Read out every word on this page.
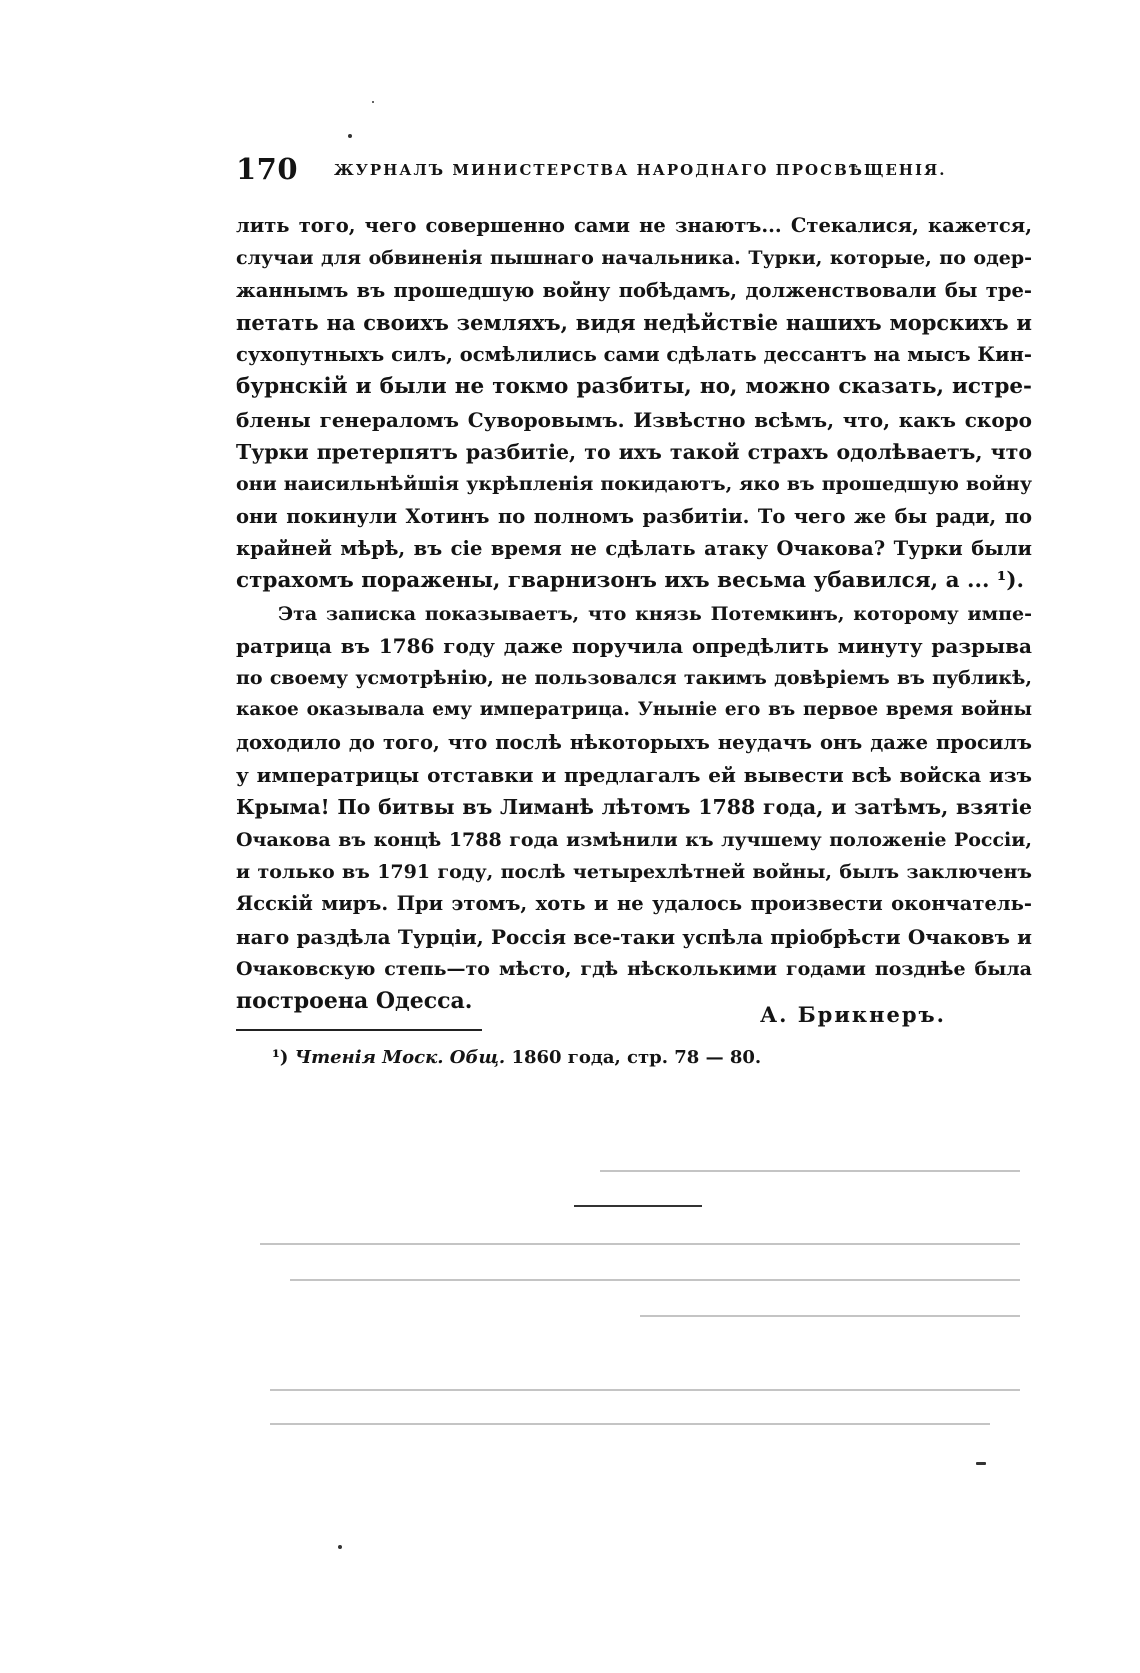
170 ЖУРНАЛЪ МИНИСТЕРСТВА НАРОДНАГО ПРОСВѢЩЕНІЯ.
лить того, чего совершенно сами не знаютъ... Стекалися, кажется,
случаи для обвиненія пышнаго начальника. Турки, которые, по одер-
жаннымъ въ прошедшую войну побѣдамъ, долженствовали бы тре-
петать на своихъ земляхъ, видя недѣйствіе нашихъ морскихъ и
сухопутныхъ силъ, осмѣлились сами сдѣлать дессантъ на мысъ Кин-
бурнскій и были не токмо разбиты, но, можно сказать, истре-
блены генераломъ Суворовымъ. Извѣстно всѣмъ, что, какъ скоро
Турки претерпятъ разбитіе, то ихъ такой страхъ одолѣваетъ, что
они наисильнѣйшія укрѣпленія покидаютъ, яко въ прошедшую войну
они покинули Хотинъ по полномъ разбитіи. То чего же бы ради, по
крайней мѣрѣ, въ сіе время не сдѣлать атаку Очакова? Турки были
страхомъ поражены, гварнизонъ ихъ весьма убавился, а ... ¹).
Эта записка показываетъ, что князь Потемкинъ, которому импе-
ратрица въ 1786 году даже поручила опредѣлить минуту разрыва
по своему усмотрѣнію, не пользовался такимъ довѣріемъ въ публикѣ,
какое оказывала ему императрица. Уныніе его въ первое время войны
доходило до того, что послѣ нѣкоторыхъ неудачъ онъ даже просилъ
у императрицы отставки и предлагалъ ей вывести всѣ войска изъ
Крыма! По битвы въ Лиманѣ лѣтомъ 1788 года, и затѣмъ, взятіе
Очакова въ концѣ 1788 года измѣнили къ лучшему положеніе Россіи,
и только въ 1791 году, послѣ четырехлѣтней войны, былъ заключенъ
Ясскій миръ. При этомъ, хоть и не удалось произвести окончатель-
наго раздѣла Турціи, Россія все-таки успѣла пріобрѣсти Очаковъ и
Очаковскую степь—то мѣсто, гдѣ нѣсколькими годами позднѣе была
построена Одесса.
А. Брикнеръ.
¹) Чтенія Моск. Общ. 1860 года, стр. 78 — 80.
